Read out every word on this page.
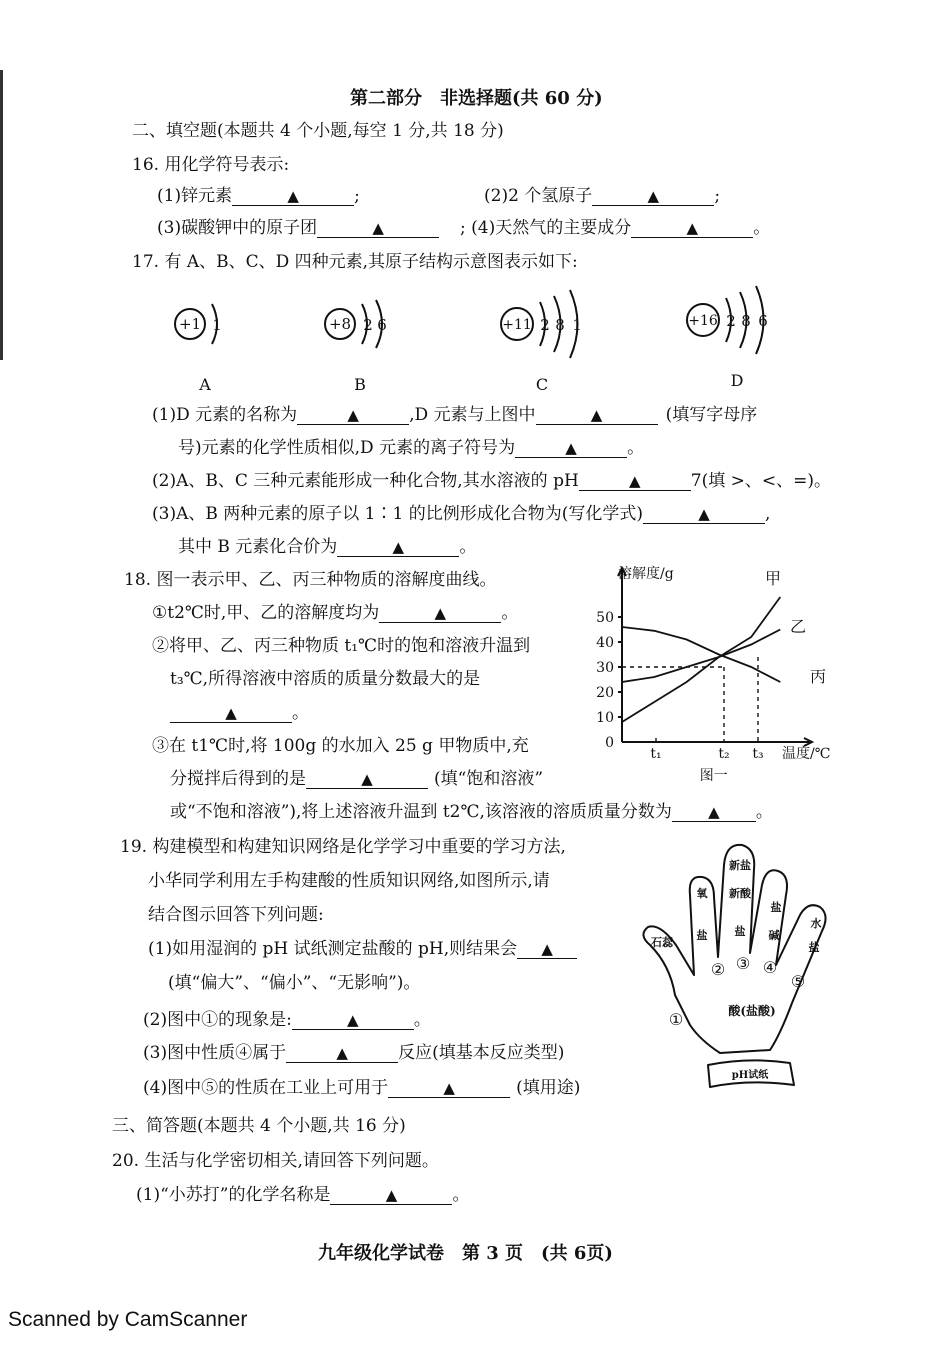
第二部分　非选择题(共 60 分)
二、填空题(本题共 4 个小题,每空 1 分,共 18 分)
16. 用化学符号表示:
(1)锌元素	▲	;	(2)2 个氢原子	▲	;
(3)碳酸钾中的原子团	▲	; (4)天然气的主要成分	▲	。
17. 有 A、B、C、D 四种元素,其原子结构示意图表示如下:
+1 1	+8 2 6	+11 2 8 1	+16 2 8 6
A	B	C	D
(1)D 元素的名称为	▲	,D 元素与上图中	▲	(填写字母序
号)元素的化学性质相似,D 元素的离子符号为	▲	。
(2)A、B、C 三种元素能形成一种化合物,其水溶液的 pH	▲	7(填 >、<、=)。
(3)A、B 两种元素的原子以 1∶1 的比例形成化合物为(写化学式)	▲	,
其中 B 元素化合价为	▲	。
18. 图一表示甲、乙、丙三种物质的溶解度曲线。
①t2℃时,甲、乙的溶解度均为	▲	。
②将甲、乙、丙三种物质 t₁℃时的饱和溶液升温到
t₃℃,所得溶液中溶质的质量分数最大的是
▲	。
③在 t1℃时,将 100g 的水加入 25 g 甲物质中,充
分搅拌后得到的是	▲	(填“饱和溶液”
或“不饱和溶液”),将上述溶液升温到 t2℃,该溶液的溶质质量分数为 ▲ 。
0
10
20
30
40
50
t₁	t₂ t₃
甲
乙
丙
溶解度/g
温度/℃
图一
19. 构建模型和构建知识网络是化学学习中重要的学习方法,
小华同学利用左手构建酸的性质知识网络,如图所示,请
结合图示回答下列问题:
(1)如用湿润的 pH 试纸测定盐酸的 pH,则结果会 ▲
(填“偏大”、“偏小”、“无影响”)。
(2)图中①的现象是:	▲	。
(3)图中性质④属于	▲	反应(填基本反应类型)
(4)图中⑤的性质在工业上可用于	▲	(填用途)
石蕊
氧
盐
新盐
新酸
盐
盐
碱
水
盐
酸(盐酸)
pH试纸
①
② ③ ④
⑤
三、简答题(本题共 4 个小题,共 16 分)
20. 生活与化学密切相关,请回答下列问题。
(1)“小苏打”的化学名称是	▲	。
九年级化学试卷　第 3 页　(共 6页)
Scanned by CamScanner
